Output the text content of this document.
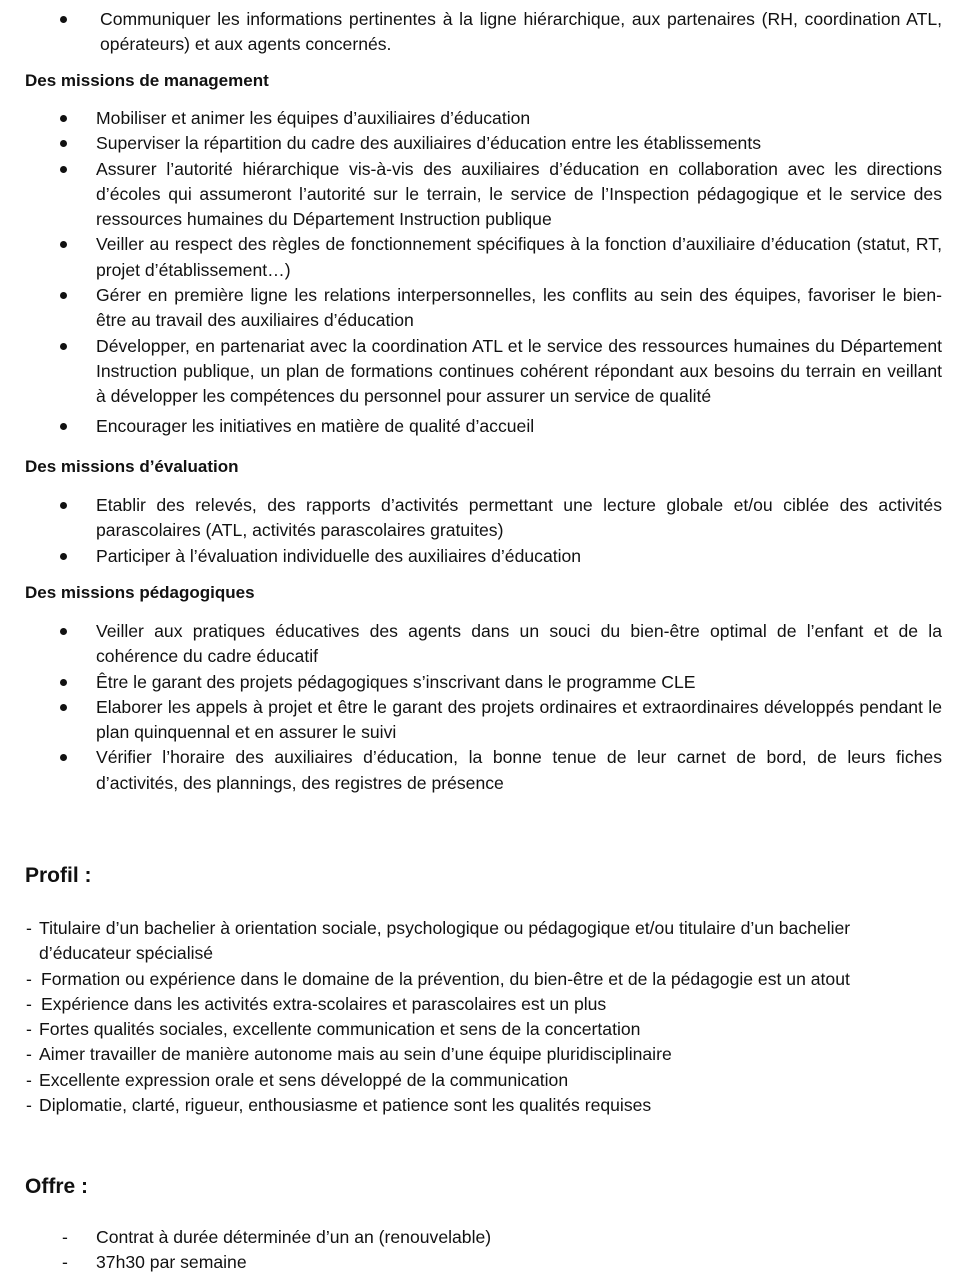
Communiquer les informations pertinentes à la ligne hiérarchique, aux partenaires (RH, coordination ATL, opérateurs) et aux agents concernés.
Des missions de management
Mobiliser et animer les équipes d’auxiliaires d’éducation
Superviser la répartition du cadre des auxiliaires d’éducation entre les établissements
Assurer l’autorité hiérarchique vis-à-vis des auxiliaires d’éducation en collaboration avec les directions d’écoles qui assumeront l’autorité sur le terrain, le service de l’Inspection pédagogique et le service des ressources humaines du Département Instruction publique
Veiller au respect des règles de fonctionnement spécifiques à la fonction d’auxiliaire d’éducation (statut, RT, projet d’établissement…)
Gérer en première ligne les relations interpersonnelles, les conflits au sein des équipes, favoriser le bien-être au travail des auxiliaires d’éducation
Développer, en partenariat avec la coordination ATL et le service des ressources humaines du Département Instruction publique, un plan de formations continues cohérent répondant aux besoins du terrain en veillant à développer les compétences du personnel pour assurer un service de qualité
Encourager les initiatives en matière de qualité d’accueil
Des missions d’évaluation
Etablir des relevés, des rapports d’activités permettant une lecture globale et/ou ciblée des activités parascolaires (ATL, activités parascolaires gratuites)
Participer à l’évaluation individuelle des auxiliaires d’éducation
Des missions pédagogiques
Veiller aux pratiques éducatives des agents dans un souci du bien-être optimal de l’enfant et de la cohérence du cadre éducatif
Être le garant des projets pédagogiques s’inscrivant dans le programme CLE
Elaborer les appels à projet et être le garant des projets ordinaires et extraordinaires développés pendant le plan quinquennal et en assurer le suivi
Vérifier l’horaire des auxiliaires d’éducation, la bonne tenue de leur carnet de bord, de leurs fiches d’activités, des plannings, des registres de présence
Profil :
- Titulaire d’un bachelier à orientation sociale, psychologique ou pédagogique et/ou titulaire d’un bachelier d’éducateur spécialisé
- Formation ou expérience dans le domaine de la prévention, du bien-être et de la pédagogie est un atout
- Expérience dans les activités extra-scolaires et parascolaires est un plus
- Fortes qualités sociales, excellente communication et sens de la concertation
- Aimer travailler de manière autonome mais au sein d’une équipe pluridisciplinaire
- Excellente expression orale et sens développé de la communication
- Diplomatie, clarté, rigueur, enthousiasme et patience sont les qualités requises
Offre :
- Contrat à durée déterminée d’un an (renouvelable)
- 37h30 par semaine
